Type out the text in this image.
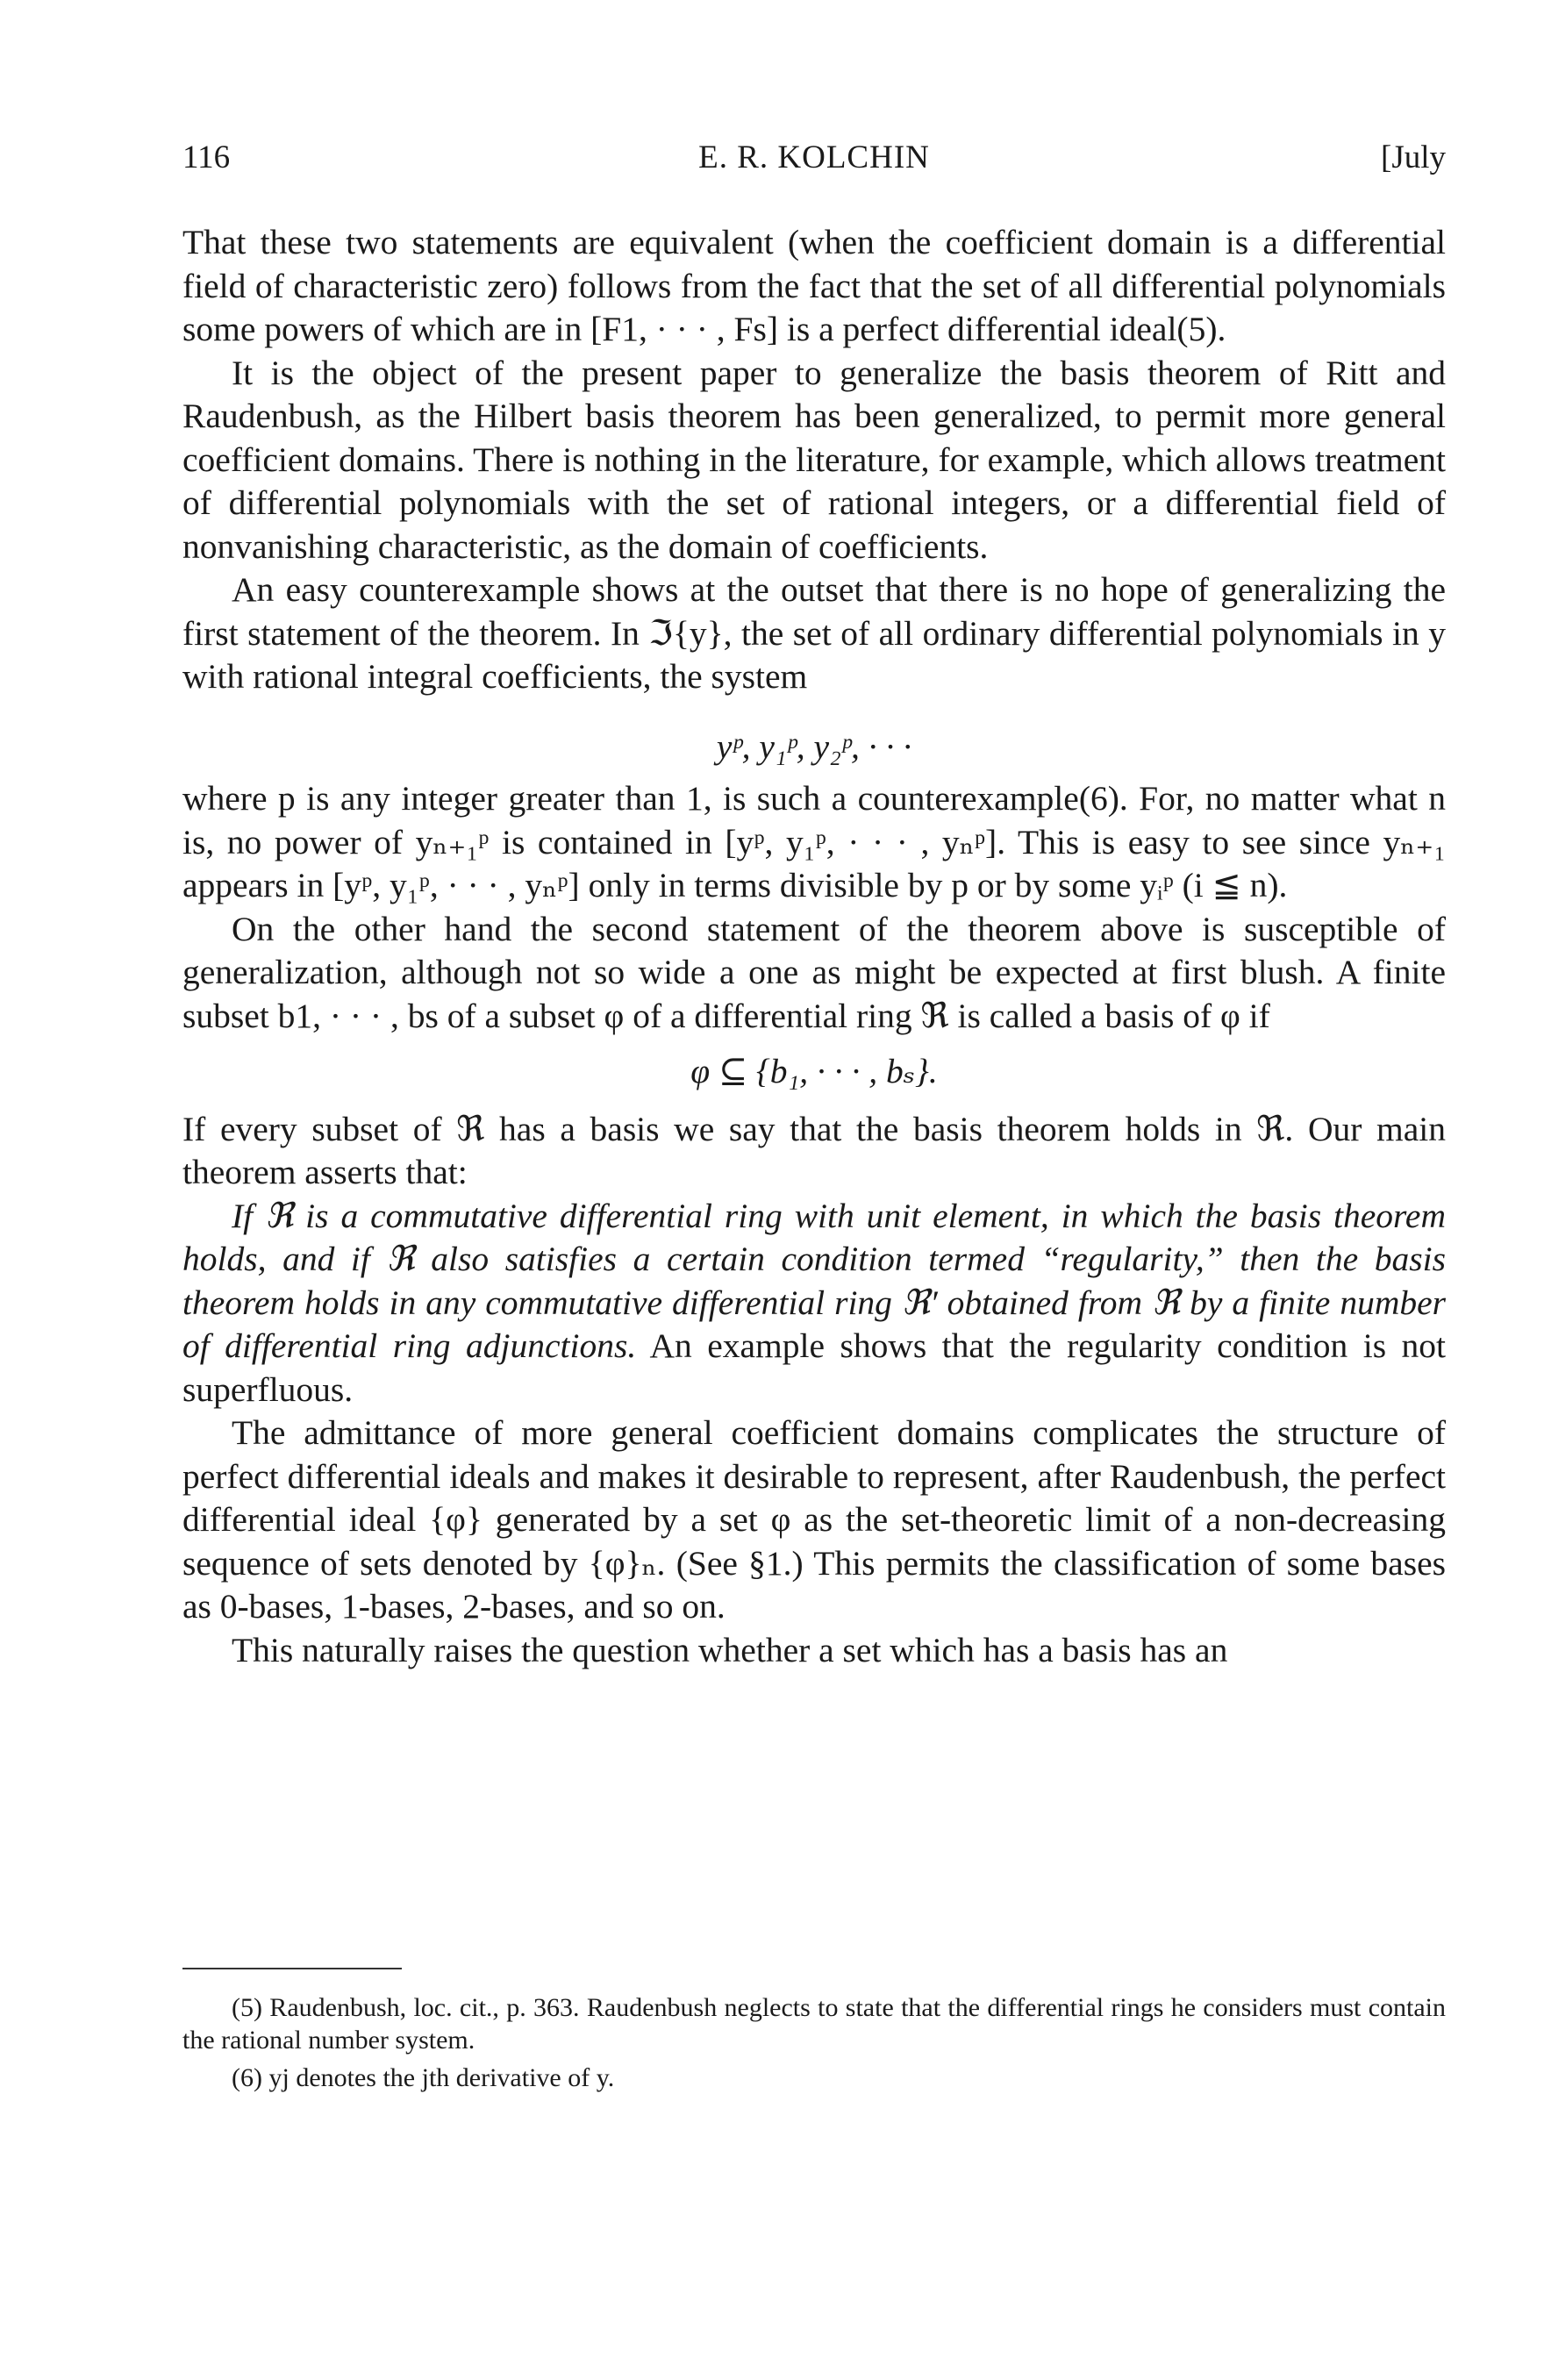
116	E. R. KOLCHIN	[July

That these two statements are equivalent (when the coefficient domain is a differential field of characteristic zero) follows from the fact that the set of all differential polynomials some powers of which are in [F1, · · · , Fs] is a perfect differential ideal(5).

It is the object of the present paper to generalize the basis theorem of Ritt and Raudenbush, as the Hilbert basis theorem has been generalized, to permit more general coefficient domains. There is nothing in the literature, for example, which allows treatment of differential polynomials with the set of rational integers, or a differential field of nonvanishing characteristic, as the domain of coefficients.

An easy counterexample shows at the outset that there is no hope of generalizing the first statement of the theorem. In ℑ{y}, the set of all ordinary differential polynomials in y with rational integral coefficients, the system

yᵖ, y₁ᵖ, y₂ᵖ, · · ·

where p is any integer greater than 1, is such a counterexample(6). For, no matter what n is, no power of yₙ₊₁ᵖ is contained in [yᵖ, y₁ᵖ, · · · , yₙᵖ]. This is easy to see since yₙ₊₁ appears in [yᵖ, y₁ᵖ, · · · , yₙᵖ] only in terms divisible by p or by some yᵢᵖ (i ≦ n).

On the other hand the second statement of the theorem above is susceptible of generalization, although not so wide a one as might be expected at first blush. A finite subset b1, · · · , bs of a subset φ of a differential ring ℜ is called a basis of φ if

φ ⊆ {b₁, · · · , bₛ}.

If every subset of ℜ has a basis we say that the basis theorem holds in ℜ. Our main theorem asserts that:

If ℜ is a commutative differential ring with unit element, in which the basis theorem holds, and if ℜ also satisfies a certain condition termed “regularity,” then the basis theorem holds in any commutative differential ring ℜ′ obtained from ℜ by a finite number of differential ring adjunctions. An example shows that the regularity condition is not superfluous.

The admittance of more general coefficient domains complicates the structure of perfect differential ideals and makes it desirable to represent, after Raudenbush, the perfect differential ideal {φ} generated by a set φ as the set-theoretic limit of a non-decreasing sequence of sets denoted by {φ}ₙ. (See §1.) This permits the classification of some bases as 0-bases, 1-bases, 2-bases, and so on.

This naturally raises the question whether a set which has a basis has an

(5) Raudenbush, loc. cit., p. 363. Raudenbush neglects to state that the differential rings he considers must contain the rational number system.

(6) yj denotes the jth derivative of y.
